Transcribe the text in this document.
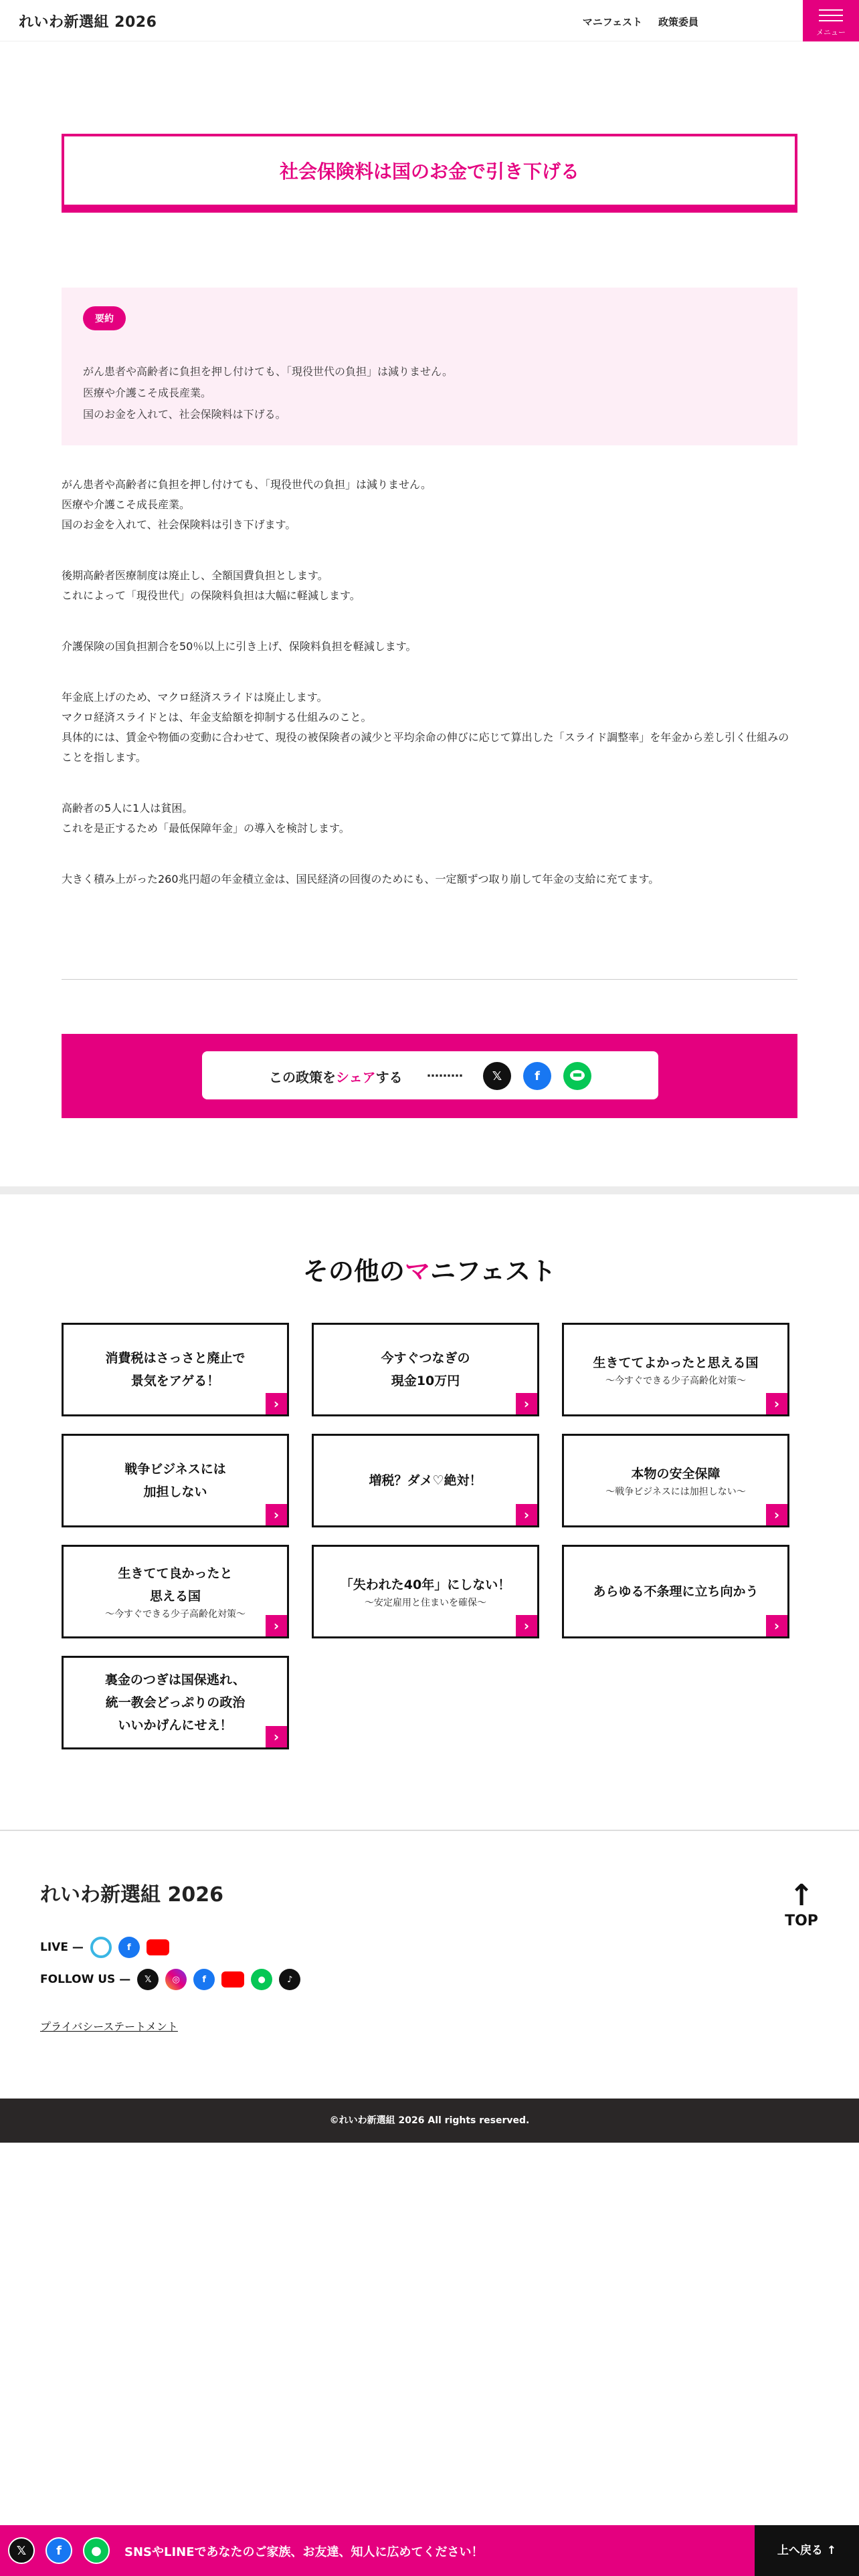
れいわ新選組 2026	マニフェスト 政策委員
メニュー
社会保険料は国のお金で引き下げる
要約
がん患者や高齢者に負担を押し付けても、「現役世代の負担」は減りません。
医療や介護こそ成長産業。
国のお金を入れて、社会保険料は下げる。

がん患者や高齢者に負担を押し付けても、「現役世代の負担」は減りません。
医療や介護こそ成長産業。
国のお金を入れて、社会保険料は引き下げます。

後期高齢者医療制度は廃止し、全額国費負担とします。
これによって「現役世代」の保険料負担は大幅に軽減します。

介護保険の国負担割合を50％以上に引き上げ、保険料負担を軽減します。

年金底上げのため、マクロ経済スライドは廃止します。
マクロ経済スライドとは、年金支給額を抑制する仕組みのこと。
具体的には、賃金や物価の変動に合わせて、現役の被保険者の減少と平均余命の伸びに応じて算出した「スライド調整率」を年金から差し引く仕組みのことを指します。

高齢者の5人に1人は貧困。
これを是正するため「最低保障年金」の導入を検討します。

大きく積み上がった260兆円超の年金積立金は、国民経済の回復のためにも、一定額ずつ取り崩して年金の支給に充てます。

この政策をシェアする ………	𝕏	f
その他のマニフェスト
消費税はさっさと廃止で
景気をアゲる！
›
今すぐつなぎの
現金10万円
›
生きててよかったと思える国
〜今すぐできる少子高齢化対策〜
›
戦争ビジネスには
加担しない
›
増税？ダメ♡絶対！
›
本物の安全保障
〜戦争ビジネスには加担しない〜
›
生きてて良かったと
思える国
〜今すぐできる少子高齢化対策〜
›
「失われた40年」にしない！
〜安定雇用と住まいを確保〜
›
あらゆる不条理に立ち向かう
›
裏金のつぎは国保逃れ、
統一教会どっぷりの政治
いいかげんにせえ！
›
れいわ新選組 2026
LIVE —	f
FOLLOW US —	𝕏	◎	f	●	♪
プライバシーステートメント
↑
TOP
©れいわ新選組 2026 All rights reserved.
𝕏	f	●	SNSやLINEであなたのご家族、お友達、知人に広めてください！	上へ戻る ↑
